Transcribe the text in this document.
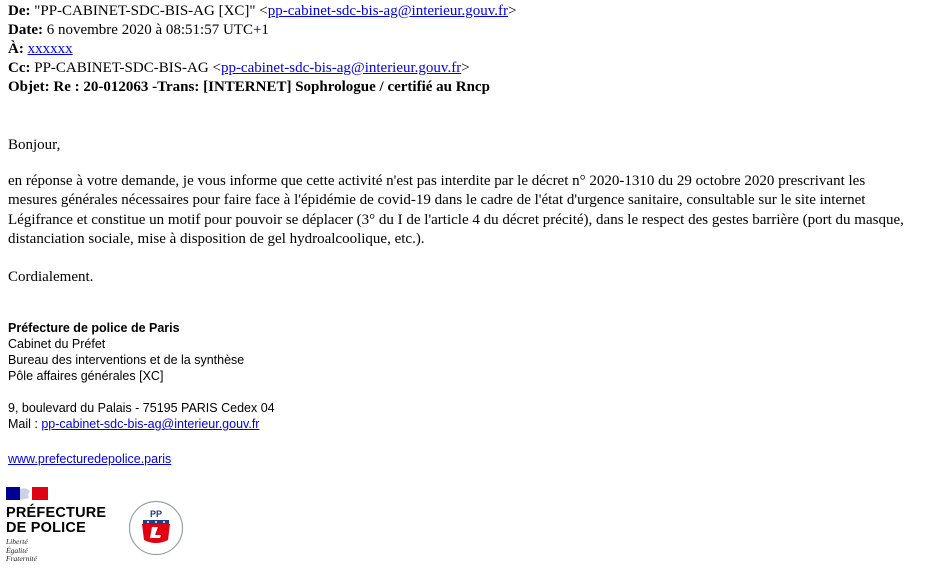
De: "PP-CABINET-SDC-BIS-AG [XC]" <pp-cabinet-sdc-bis-ag@interieur.gouv.fr>
Date: 6 novembre 2020 à 08:51:57 UTC+1
À: xxxxxx
Cc: PP-CABINET-SDC-BIS-AG <pp-cabinet-sdc-bis-ag@interieur.gouv.fr>
Objet: Re : 20-012063 -Trans: [INTERNET] Sophrologue / certifié au Rncp

Bonjour,

en réponse à votre demande, je vous informe que cette activité n'est pas interdite par le décret n° 2020-1310 du 29 octobre 2020 prescrivant les mesures générales nécessaires pour faire face à l'épidémie de covid-19 dans le cadre de l'état d'urgence sanitaire, consultable sur le site internet Légifrance et constitue un motif pour pouvoir se déplacer (3° du I de l'article 4 du décret précité), dans le respect des gestes barrière (port du masque, distanciation sociale, mise à disposition de gel hydroalcoolique, etc.).

Cordialement.

Préfecture de police de Paris
Cabinet du Préfet
Bureau des interventions et de la synthèse
Pôle affaires générales [XC]
9, boulevard du Palais - 75195 PARIS Cedex 04
Mail : pp-cabinet-sdc-bis-ag@interieur.gouv.fr
www.prefecturedepolice.paris
PRÉFECTURE
DE POLICE
Liberté
Égalité
Fraternité
PP
